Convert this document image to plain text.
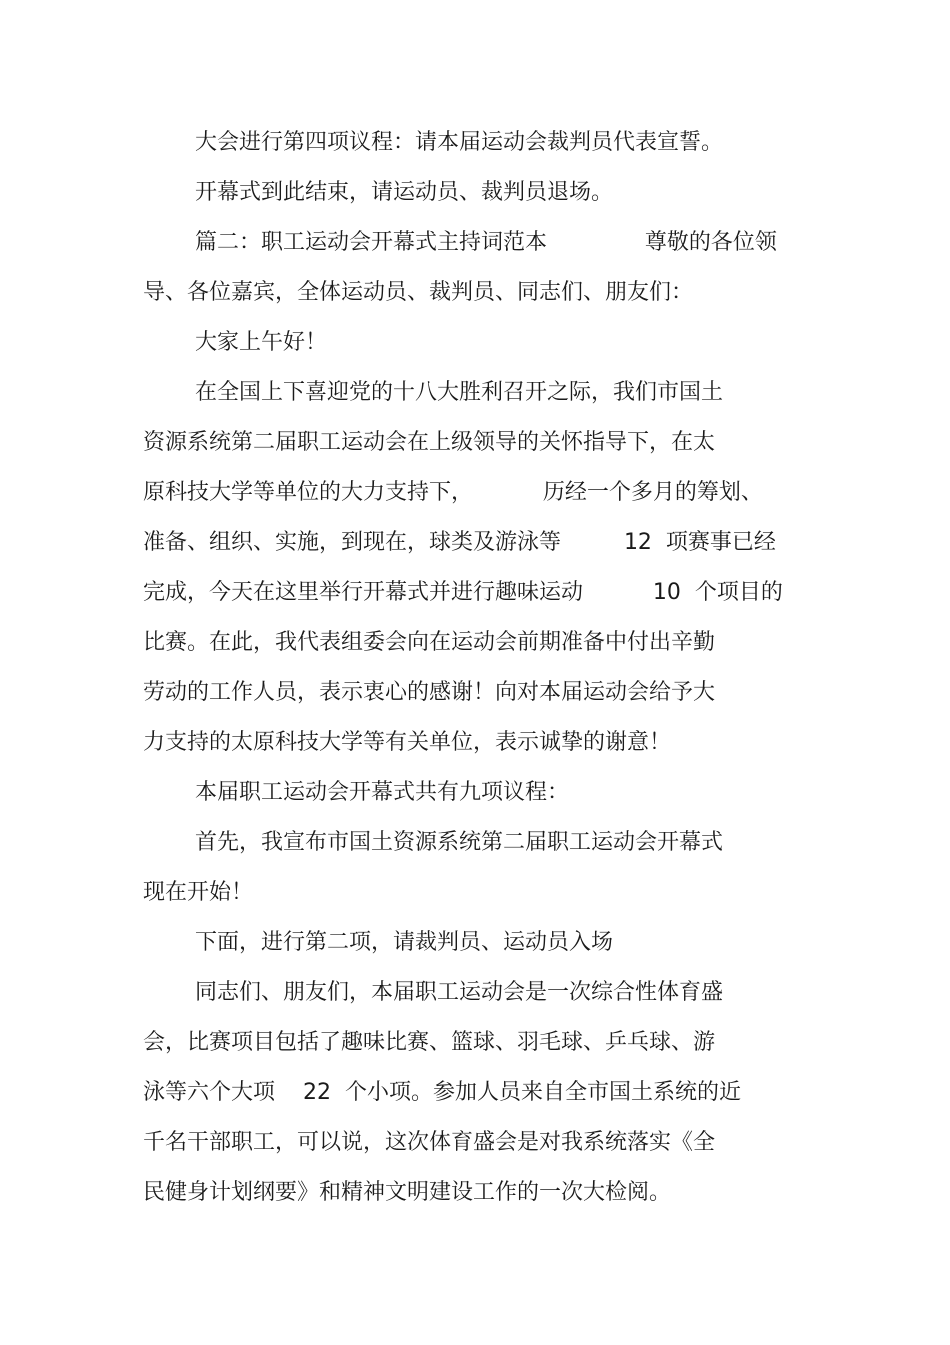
大会进行第四项议程：请本届运动会裁判员代表宣誓。
开幕式到此结束，请运动员、裁判员退场。
篇二：职工运动会开幕式主持词范本              尊敬的各位领
导、各位嘉宾，全体运动员、裁判员、同志们、朋友们：
大家上午好！
在全国上下喜迎党的十八大胜利召开之际，我们市国土
资源系统第二届职工运动会在上级领导的关怀指导下，在太
原科技大学等单位的大力支持下，          历经一个多月的筹划、
准备、组织、实施，到现在，球类及游泳等         12  项赛事已经
完成，今天在这里举行开幕式并进行趣味运动          10  个项目的
比赛。在此，我代表组委会向在运动会前期准备中付出辛勤
劳动的工作人员，表示衷心的感谢！向对本届运动会给予大
力支持的太原科技大学等有关单位，表示诚挚的谢意！
本届职工运动会开幕式共有九项议程：
首先，我宣布市国土资源系统第二届职工运动会开幕式
现在开始！
下面，进行第二项，请裁判员、运动员入场
同志们、朋友们，本届职工运动会是一次综合性体育盛
会，比赛项目包括了趣味比赛、篮球、羽毛球、乒乓球、游
泳等六个大项    22  个小项。参加人员来自全市国土系统的近
千名干部职工，可以说，这次体育盛会是对我系统落实《全
民健身计划纲要》和精神文明建设工作的一次大检阅。
